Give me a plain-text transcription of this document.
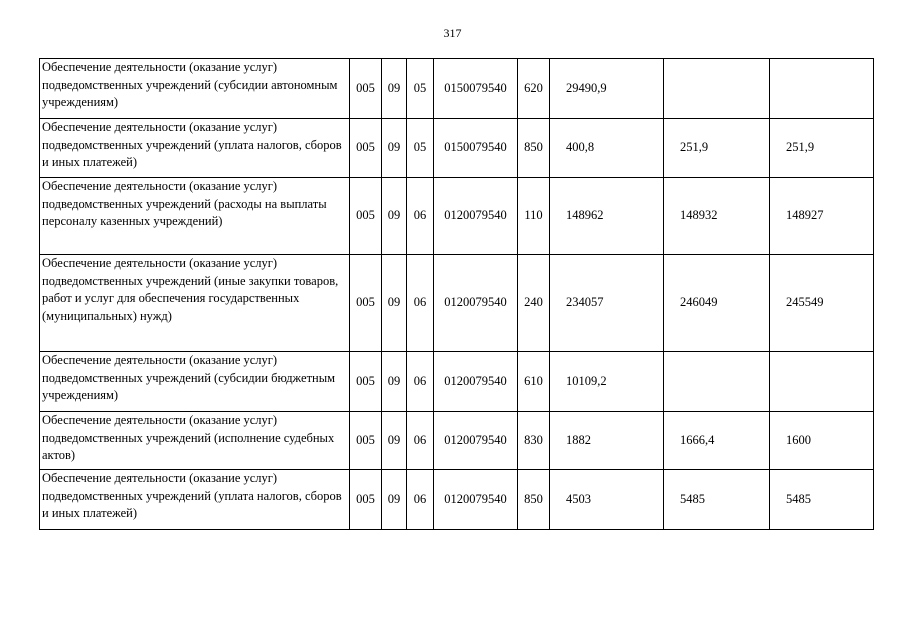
317
Обеспечение деятельности (оказание услуг) подведомственных учреждений (субсидии автономным учреждениям)	005	09	05	0150079540	620	29490,9		
Обеспечение деятельности (оказание услуг) подведомственных учреждений (уплата налогов, сборов и иных платежей)	005	09	05	0150079540	850	400,8	251,9	251,9
Обеспечение деятельности (оказание услуг) подведомственных учреждений (расходы на выплаты персоналу казенных учреждений)	005	09	06	0120079540	110	148962	148932	148927
Обеспечение деятельности (оказание услуг) подведомственных учреждений (иные закупки товаров, работ и услуг для обеспечения государственных (муниципальных) нужд)	005	09	06	0120079540	240	234057	246049	245549
Обеспечение деятельности (оказание услуг) подведомственных учреждений (субсидии бюджетным учреждениям)	005	09	06	0120079540	610	10109,2		
Обеспечение деятельности (оказание услуг) подведомственных учреждений (исполнение судебных актов)	005	09	06	0120079540	830	1882	1666,4	1600
Обеспечение деятельности (оказание услуг) подведомственных учреждений (уплата налогов, сборов и иных платежей)	005	09	06	0120079540	850	4503	5485	5485
